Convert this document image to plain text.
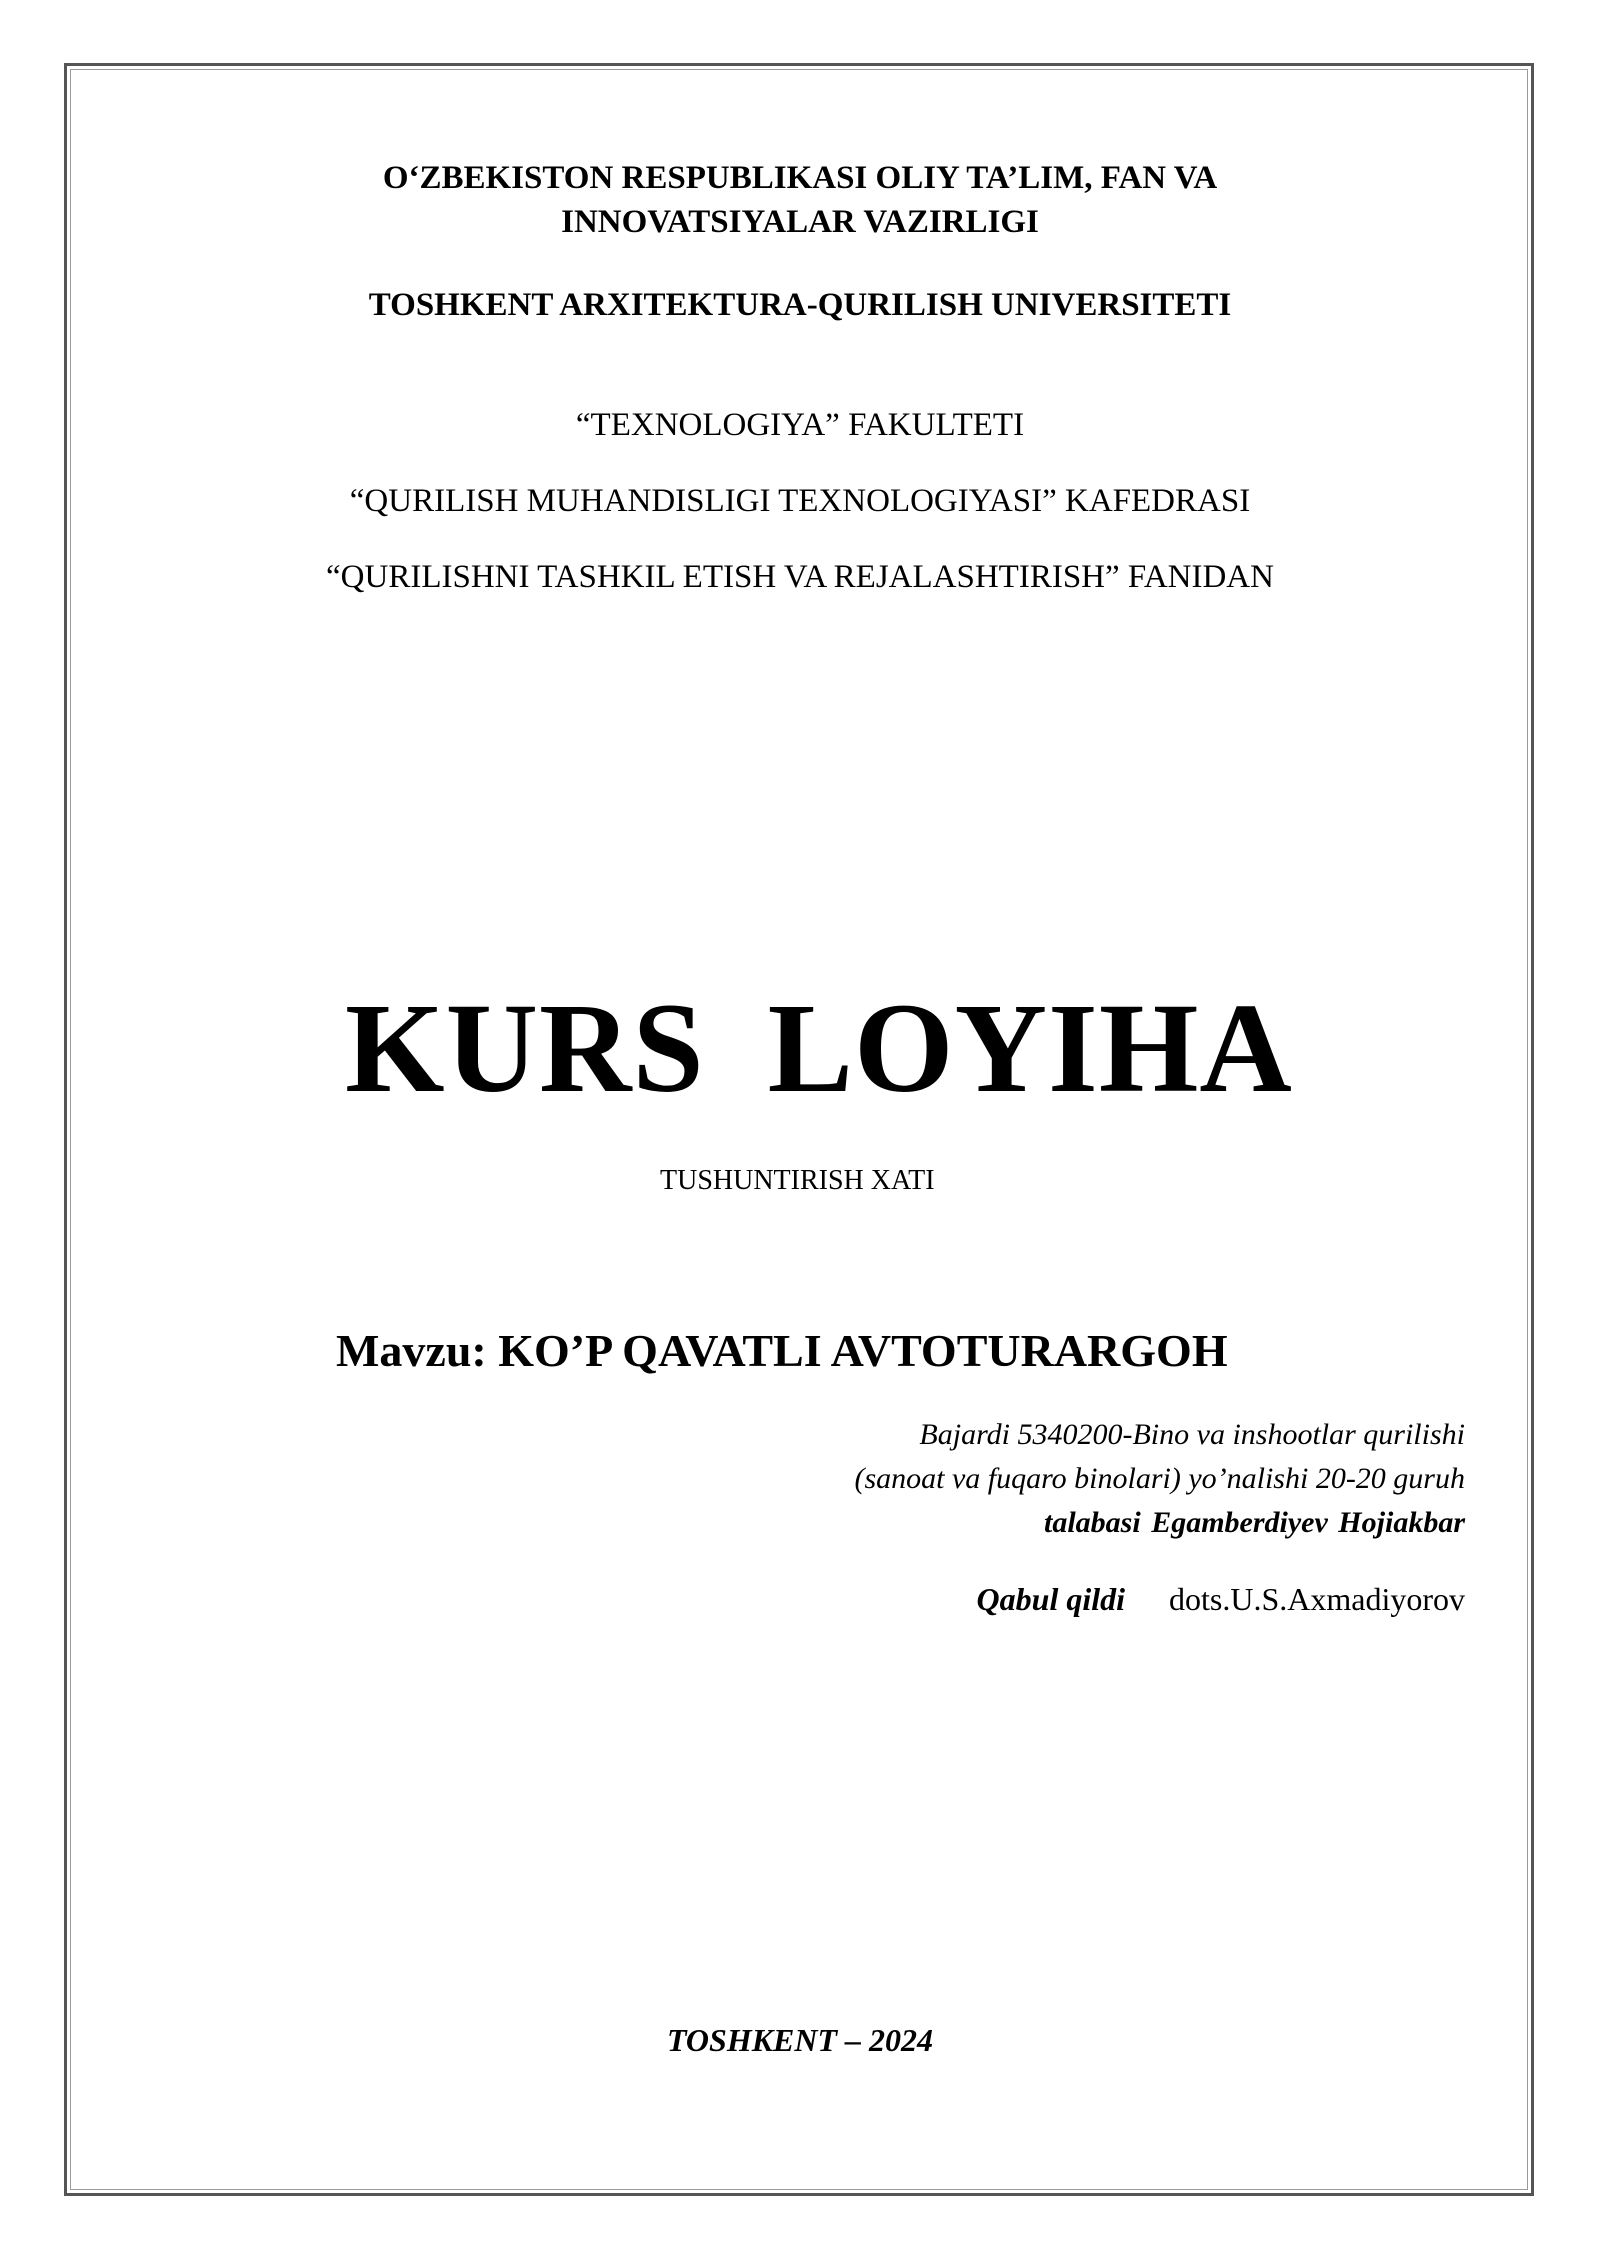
O‘ZBEKISTON RESPUBLIKASI OLIY TA’LIM, FAN VA
INNOVATSIYALAR VAZIRLIGI

TOSHKENT ARXITEKTURA-QURILISH UNIVERSITETI

“TEXNOLOGIYA” FAKULTETI

“QURILISH MUHANDISLIGI TEXNOLOGIYASI” KAFEDRASI

“QURILISHNI TASHKIL ETISH VA REJALASHTIRISH” FANIDAN

KURS LOYIHA

TUSHUNTIRISH XATI

Mavzu: KO’P QAVATLI AVTOTURARGOH

Bajardi 5340200-Bino va inshootlar qurilishi

(sanoat va fuqaro binolari) yo’nalishi 20-20 guruh

talabasi Egamberdiyev Hojiakbar

Qabul qildi dots.U.S.Axmadiyorov

TOSHKENT – 2024
